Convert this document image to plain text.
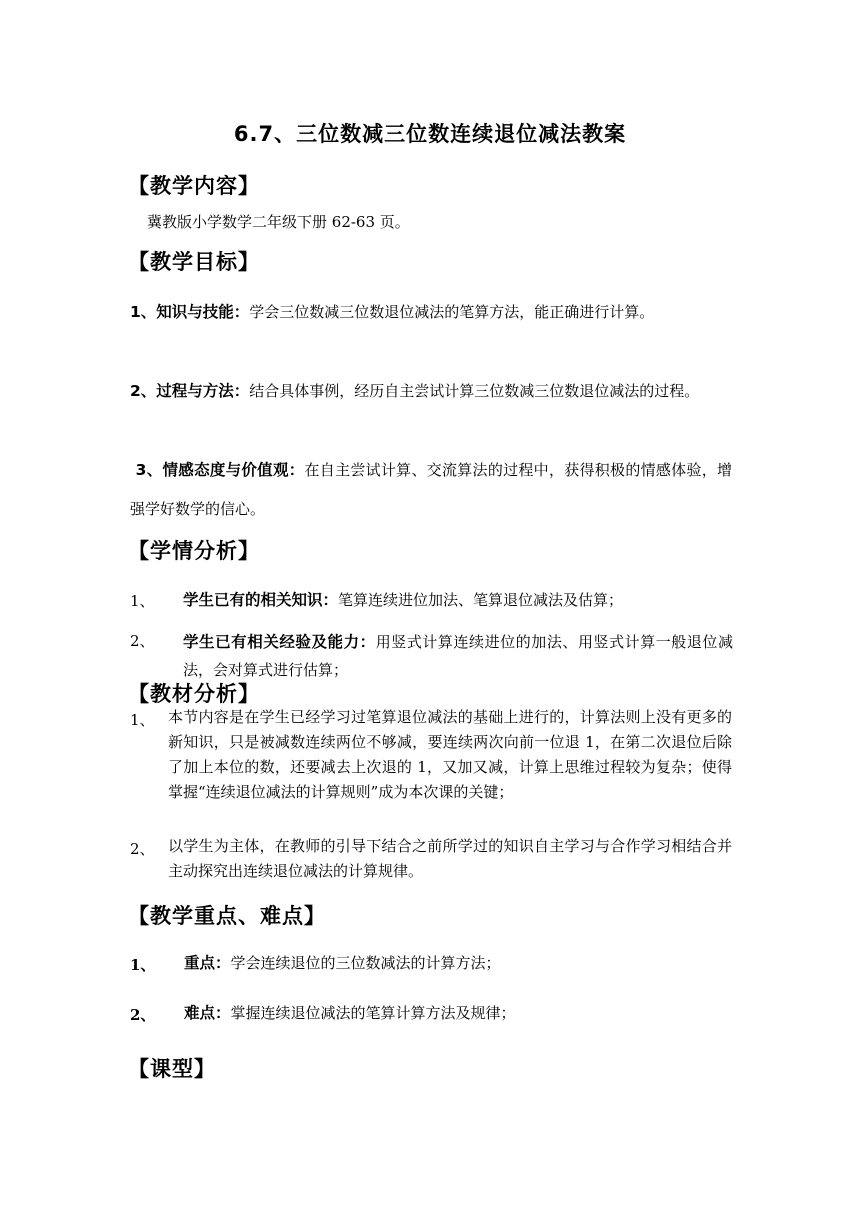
6.7、三位数减三位数连续退位减法教案
【教学内容】
冀教版小学数学二年级下册 62-63 页。
【教学目标】
1、知识与技能：学会三位数减三位数退位减法的笔算方法，能正确进行计算。
2、过程与方法：结合具体事例，经历自主尝试计算三位数减三位数退位减法的过程。
3、情感态度与价值观：在自主尝试计算、交流算法的过程中，获得积极的情感体验，增强学好数学的信心。
【学情分析】
1、 学生已有的相关知识：笔算连续进位加法、笔算退位减法及估算；
2、 学生已有相关经验及能力：用竖式计算连续进位的加法、用竖式计算一般退位减法，会对算式进行估算；
【教材分析】
1、 本节内容是在学生已经学习过笔算退位减法的基础上进行的，计算法则上没有更多的新知识，只是被减数连续两位不够减，要连续两次向前一位退 1，在第二次退位后除了加上本位的数，还要减去上次退的 1，又加又减，计算上思维过程较为复杂；使得掌握“连续退位减法的计算规则”成为本次课的关键；
2、 以学生为主体，在教师的引导下结合之前所学过的知识自主学习与合作学习相结合并主动探究出连续退位减法的计算规律。
【教学重点、难点】
1、 重点：学会连续退位的三位数减法的计算方法；
2、 难点：掌握连续退位减法的笔算计算方法及规律；
【课型】
